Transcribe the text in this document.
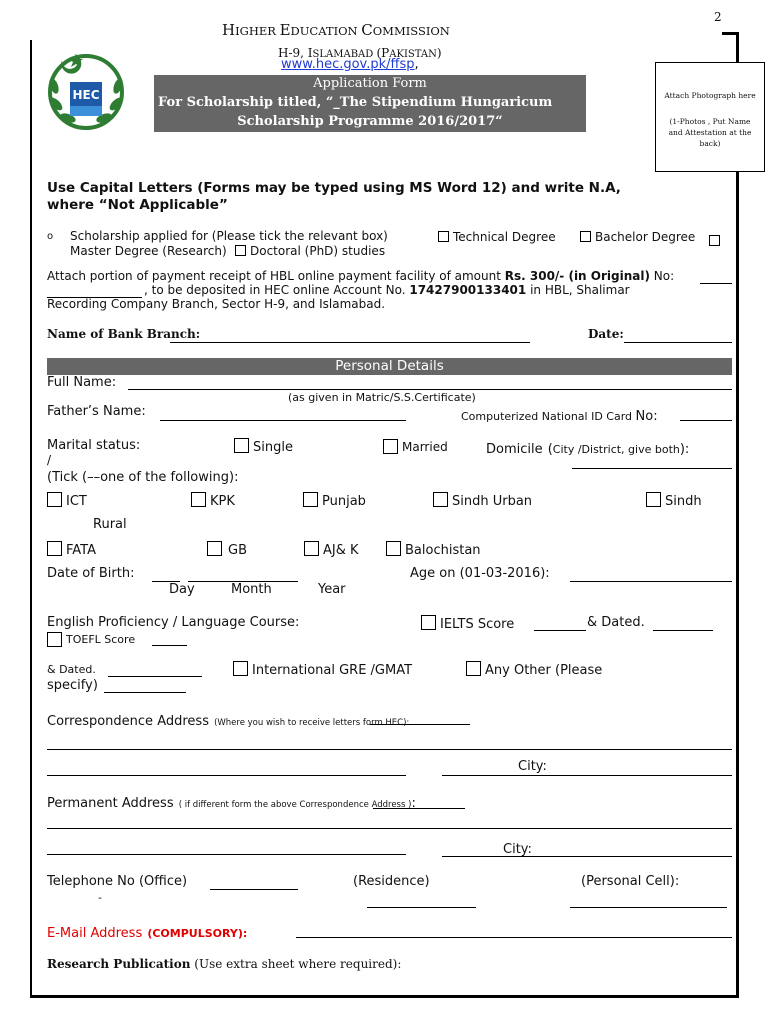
2
HEC
HIGHER EDUCATION COMMISSION
H-9, ISLAMABAD (PAKISTAN)
www.hec.gov.pk/ffsp,
Application Form
For Scholarship titled, “_The Stipendium Hungaricum
Scholarship Programme 2016/2017“
Attach Photograph here
(1-Photos , Put Name
and Attestation at the
back)
Use Capital Letters (Forms may be typed using MS Word 12) and write N.A,
where “Not Applicable”
o Scholarship applied for (Please tick the relevant box)	Technical Degree	Bachelor Degree
Master Degree (Research)	Doctoral (PhD) studies
Attach portion of payment receipt of HBL online payment facility of amount Rs. 300/- (in Original) No:
, to be deposited in HEC online Account No. 17427900133401 in HBL, Shalimar
Recording Company Branch, Sector H-9, and Islamabad.
Name of Bank Branch:	Date:
Personal Details
Full Name:
(as given in Matric/S.S.Certificate)
Father’s Name:	Computerized National ID Card No:
Marital status:	Single	Married	Domicile (City /District, give both):
/
(Tick (––one of the following):
ICT	KPK	Punjab	Sindh Urban	Sindh
Rural
FATA	GB	AJ& K	Balochistan
Date of Birth:
Day	Month	Year
Age on (01-03-2016):
English Proficiency / Language Course:	IELTS Score	& Dated.
TOEFL Score
& Dated.	International GRE /GMAT	Any Other (Please
specify)
Correspondence Address (Where you wish to receive letters form HEC):
City:
Permanent Address ( if different form the above Correspondence Address ):
City:
Telephone No (Office)
-
(Residence)	(Personal Cell):
E-Mail Address (COMPULSORY):
Research Publication (Use extra sheet where required):
